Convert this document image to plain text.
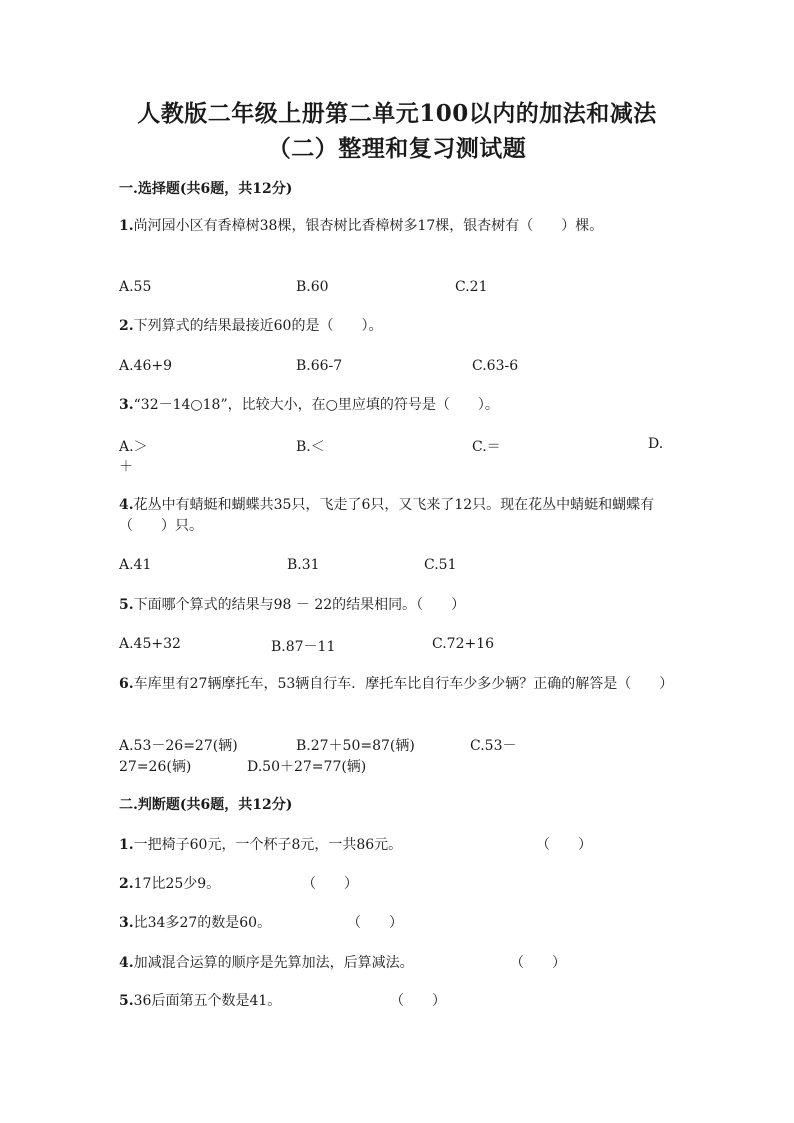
人教版二年级上册第二单元100以内的加法和减法
（二）整理和复习测试题
一.选择题(共6题，共12分)
1.尚河园小区有香樟树38棵，银杏树比香樟树多17棵，银杏树有（　　）棵。
A.55	B.60	C.21
2.下列算式的结果最接近60的是（　　）。
A.46+9	B.66-7	C.63-6
3.“32－14○18”，比较大小，在○里应填的符号是（　　）。
A.＞	B.＜	C.＝	D.
＋
4.花丛中有蜻蜓和蝴蝶共35只，飞走了6只，又飞来了12只。现在花丛中蜻蜓和蝴蝶有（　　）只。
A.41	B.31	C.51
5.下面哪个算式的结果与98 － 22的结果相同。（　　）
A.45+32	B.87－11	C.72+16
6.车库里有27辆摩托车，53辆自行车．摩托车比自行车少多少辆？正确的解答是（　　）
A.53－26=27(辆)	B.27＋50=87(辆)	C.53－
27=26(辆)	D.50＋27=77(辆)
二.判断题(共6题，共12分)
1.一把椅子60元，一个杯子8元，一共86元。	（　　）
2.17比25少9。	（　　）
3.比34多27的数是60。	（　　）
4.加减混合运算的顺序是先算加法，后算减法。	（　　）
5.36后面第五个数是41。	（　　）
